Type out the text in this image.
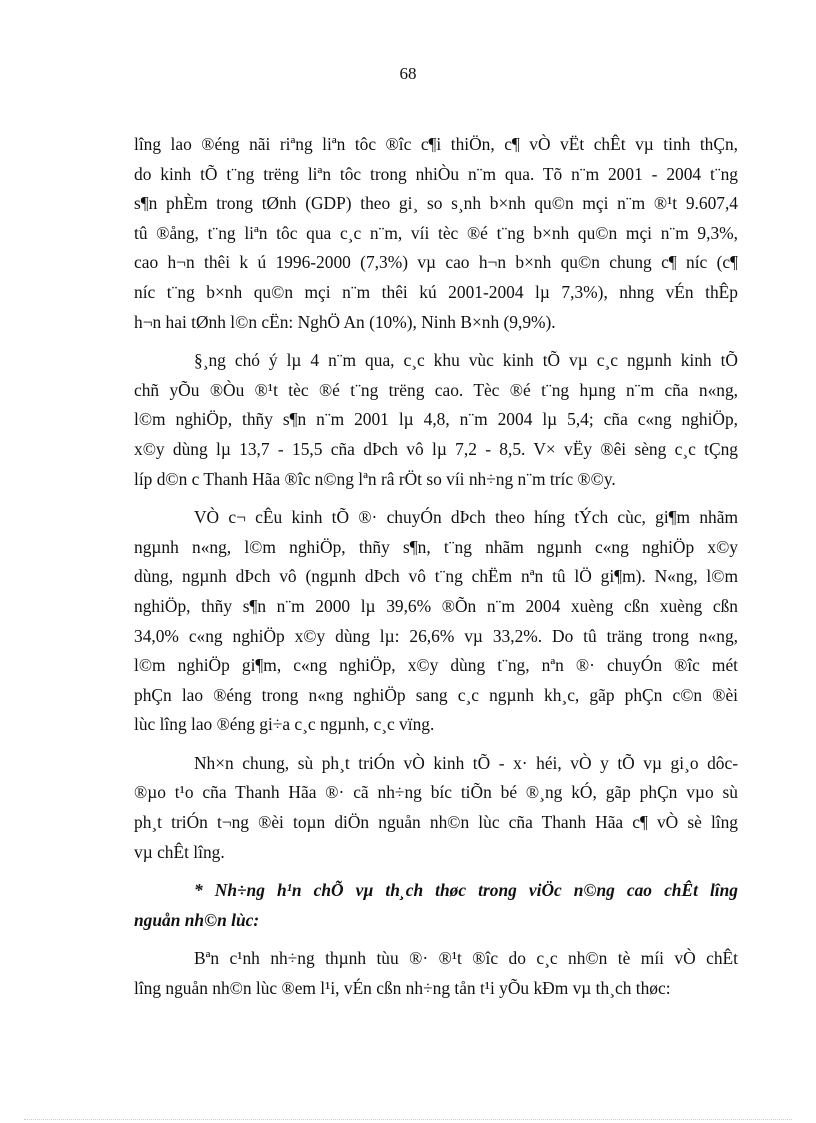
68
lîng lao ®éng nãi riªng liªn tôc ®îc c¶i thiÖn, c¶ vÒ vËt chÊt vµ tinh thÇn,
do kinh tÕ t¨ng trëng liªn tôc trong nhiÒu n¨m qua. Tõ n¨m 2001 - 2004 t¨ng
s¶n phÈm trong tØnh (GDP) theo gi¸ so s¸nh b×nh qu©n mçi n¨m ®¹t 9.607,4
tû ®ång, t¨ng liªn tôc qua c¸c n¨m, víi tèc ®é t¨ng b×nh qu©n mçi n¨m 9,3%,
cao h¬n thêi k ú 1996-2000 (7,3%) vµ cao h¬n b×nh qu©n chung c¶ níc (c¶
níc t¨ng b×nh qu©n mçi n¨m thêi kú 2001-2004 lµ 7,3%), nhng vÉn thÊp
h¬n hai tØnh l©n cËn: NghÖ An (10%), Ninh B×nh (9,9%).
§¸ng chó ý lµ 4 n¨m qua, c¸c khu vùc kinh tÕ vµ c¸c ngµnh kinh tÕ
chñ yÕu ®Òu ®¹t tèc ®é t¨ng trëng cao. Tèc ®é t¨ng hµng n¨m cña n«ng,
l©m nghiÖp, thñy s¶n n¨m 2001 lµ 4,8, n¨m 2004 lµ 5,4; cña c«ng nghiÖp,
x©y dùng lµ 13,7 - 15,5 cña dÞch vô lµ 7,2 - 8,5. V× vËy ®êi sèng c¸c tÇng
líp d©n c Thanh Hãa ®îc n©ng lªn râ rÖt so víi nh÷ng n¨m tríc ®©y.
VÒ c¬ cÊu kinh tÕ ®· chuyÓn dÞch theo híng tÝch cùc, gi¶m nhãm
ngµnh n«ng, l©m nghiÖp, thñy s¶n, t¨ng nhãm ngµnh c«ng nghiÖp x©y
dùng, ngµnh dÞch vô (ngµnh dÞch vô t¨ng chËm nªn tû lÖ gi¶m). N«ng, l©m
nghiÖp, thñy s¶n n¨m 2000 lµ 39,6% ®Õn n¨m 2004 xuèng cßn xuèng cßn
34,0% c«ng nghiÖp x©y dùng lµ: 26,6% vµ 33,2%. Do tû träng trong n«ng,
l©m nghiÖp gi¶m, c«ng nghiÖp, x©y dùng t¨ng, nªn ®· chuyÓn ®îc mét
phÇn lao ®éng trong n«ng nghiÖp sang c¸c ngµnh kh¸c, gãp phÇn c©n ®èi
lùc lîng lao ®éng gi÷a c¸c ngµnh, c¸c vïng.
Nh×n chung, sù ph¸t triÓn vÒ kinh tÕ - x· héi, vÒ y tÕ vµ gi¸o dôc-
®µo t¹o cña Thanh Hãa ®· cã nh÷ng bíc tiÕn bé ®¸ng kÓ, gãp phÇn vµo sù
ph¸t triÓn t¬ng ®èi toµn diÖn nguån nh©n lùc cña Thanh Hãa c¶ vÒ sè lîng
vµ chÊt lîng.
* Nh÷ng h¹n chÕ vµ th¸ch thøc trong viÖc n©ng cao chÊt lîng
nguån nh©n lùc:
Bªn c¹nh nh÷ng thµnh tùu ®· ®¹t ®îc do c¸c nh©n tè míi vÒ chÊt
lîng nguån nh©n lùc ®em l¹i, vÉn cßn nh÷ng tån t¹i yÕu kÐm vµ th¸ch thøc:
